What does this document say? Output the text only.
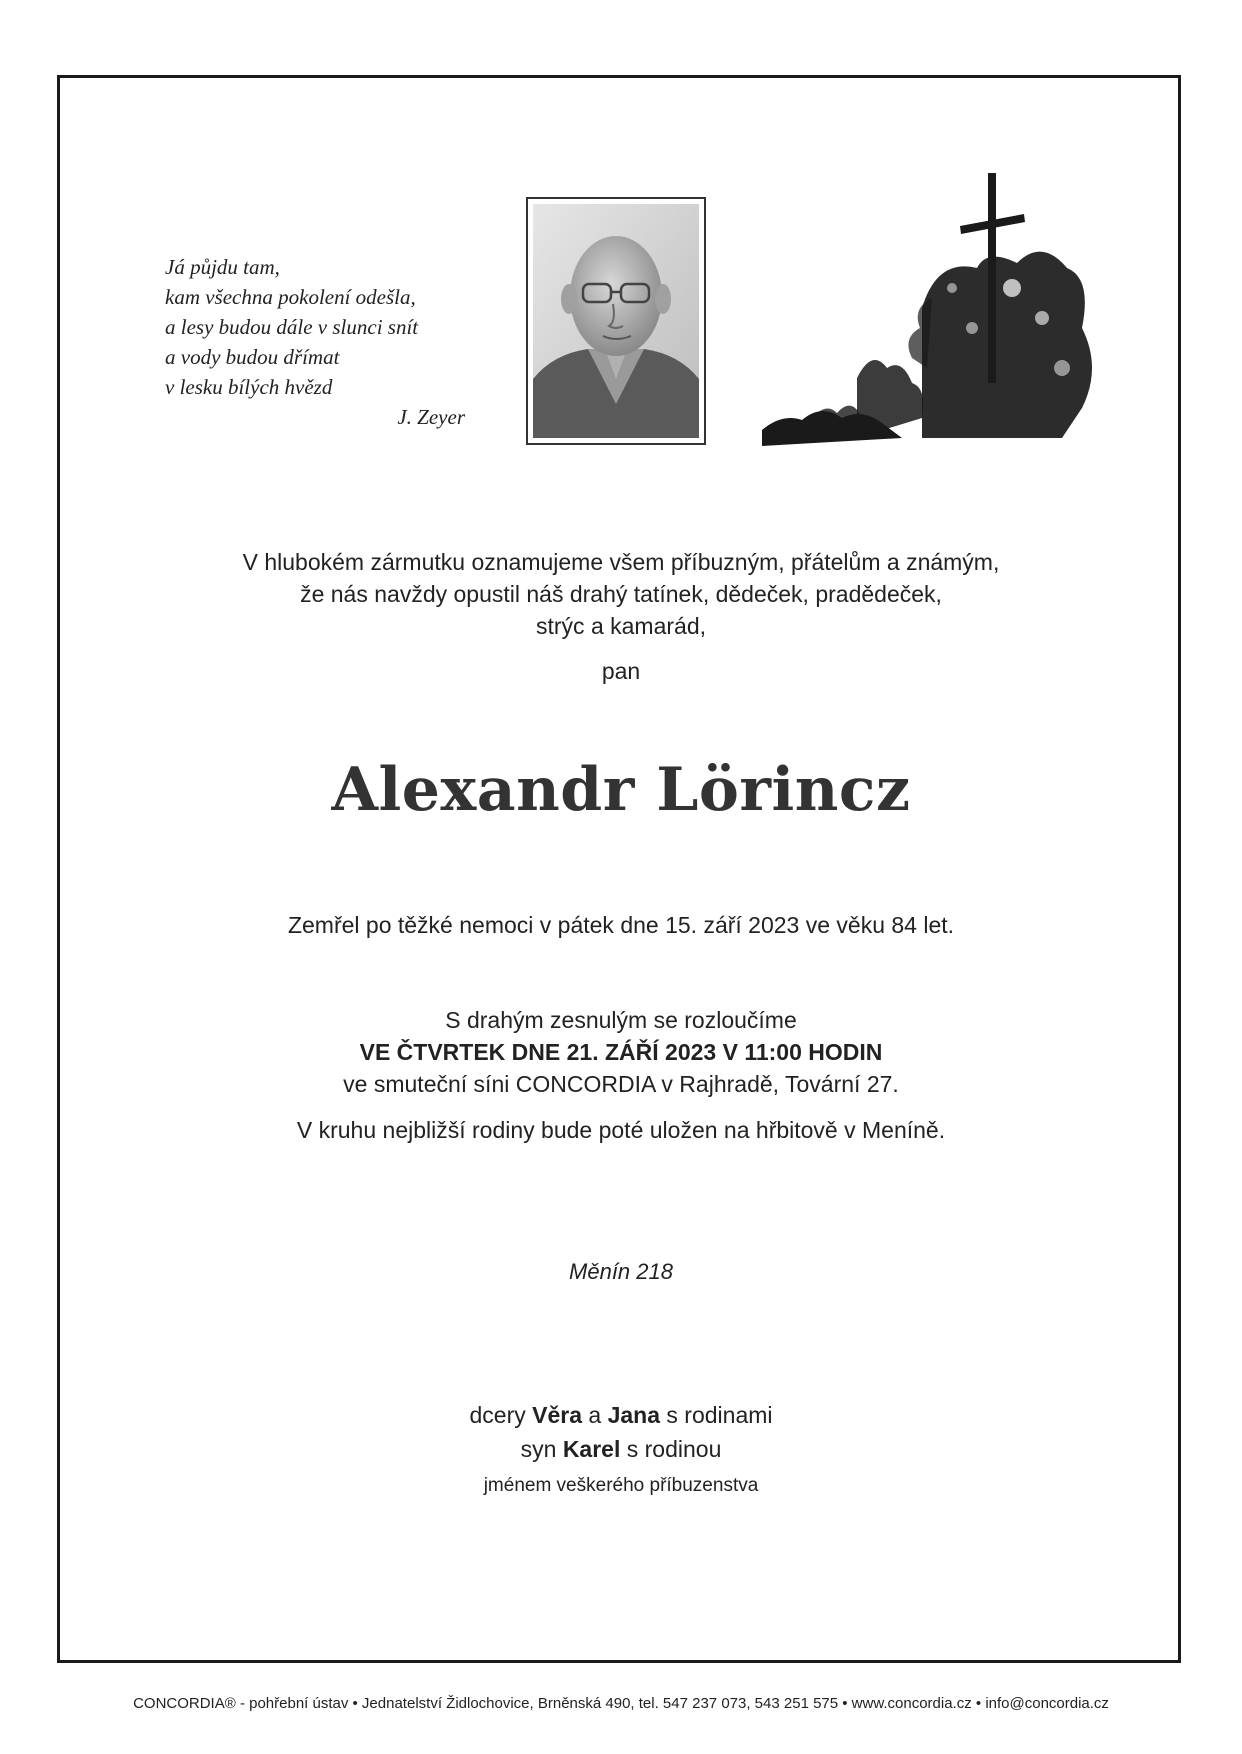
Já půjdu tam,
kam všechna pokolení odešla,
a lesy budou dále v slunci snít
a vody budou dřímat
v lesku bílých hvězd
J. Zeyer
V hlubokém zármutku oznamujeme všem příbuzným, přátelům a známým,
že nás navždy opustil náš drahý tatínek, dědeček, pradědeček,
strýc a kamarád,
pan
Alexandr Lörincz
Zemřel po těžké nemoci v pátek dne 15. září 2023 ve věku 84 let.
S drahým zesnulým se rozloučíme
VE ČTVRTEK DNE 21. ZÁŘÍ 2023 V 11:00 HODIN
ve smuteční síni CONCORDIA v Rajhradě, Tovární 27.
V kruhu nejbližší rodiny bude poté uložen na hřbitově v Meníně.
Měnín 218
dcery Věra a Jana s rodinami
syn Karel s rodinou
jménem veškerého příbuzenstva
CONCORDIA® - pohřební ústav • Jednatelství Židlochovice, Brněnská 490, tel. 547 237 073, 543 251 575 • www.concordia.cz • info@concordia.cz
